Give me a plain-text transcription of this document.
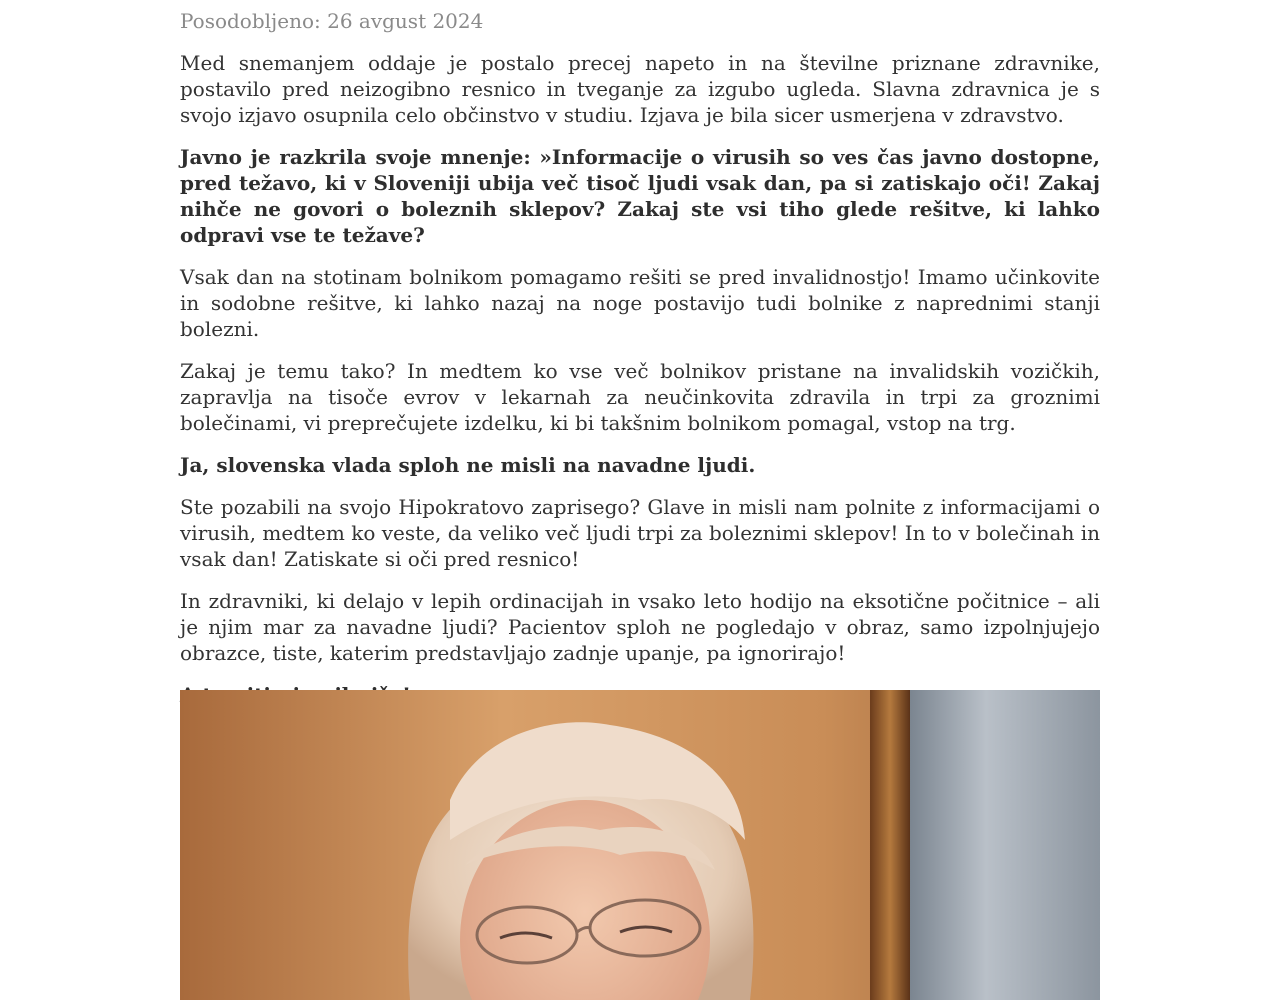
Posodobljeno: 26 avgust 2024

Med snemanjem oddaje je postalo precej napeto in na številne priznane zdravnike, postavilo pred neizogibno resnico in tveganje za izgubo ugleda. Slavna zdravnica je s svojo izjavo osupnila celo občinstvo v studiu. Izjava je bila sicer usmerjena v zdravstvo.

Javno je razkrila svoje mnenje: »Informacije o virusih so ves čas javno dostopne, pred težavo, ki v Sloveniji ubija več tisoč ljudi vsak dan, pa si zatiskajo oči! Zakaj nihče ne govori o boleznih sklepov? Zakaj ste vsi tiho glede rešitve, ki lahko odpravi vse te težave?

Vsak dan na stotinam bolnikom pomagamo rešiti se pred invalidnostjo! Imamo učinkovite in sodobne rešitve, ki lahko nazaj na noge postavijo tudi bolnike z naprednimi stanji bolezni.

Zakaj je temu tako? In medtem ko vse več bolnikov pristane na invalidskih vozičkih, zapravlja na tisoče evrov v lekarnah za neučinkovita zdravila in trpi za groznimi bolečinami, vi preprečujete izdelku, ki bi takšnim bolnikom pomagal, vstop na trg.

Ja, slovenska vlada sploh ne misli na navadne ljudi.

Ste pozabili na svojo Hipokratovo zaprisego? Glave in misli nam polnite z informacijami o virusih, medtem ko veste, da veliko več ljudi trpi za boleznimi sklepov! In to v bolečinah in vsak dan! Zatiskate si oči pred resnico!

In zdravniki, ki delajo v lepih ordinacijah in vsako leto hodijo na eksotične počitnice – ali je njim mar za navadne ljudi? Pacientov sploh ne pogledajo v obraz, samo izpolnjujejo obrazce, tiste, katerim predstavljajo zadnje upanje, pa ignorirajo!
